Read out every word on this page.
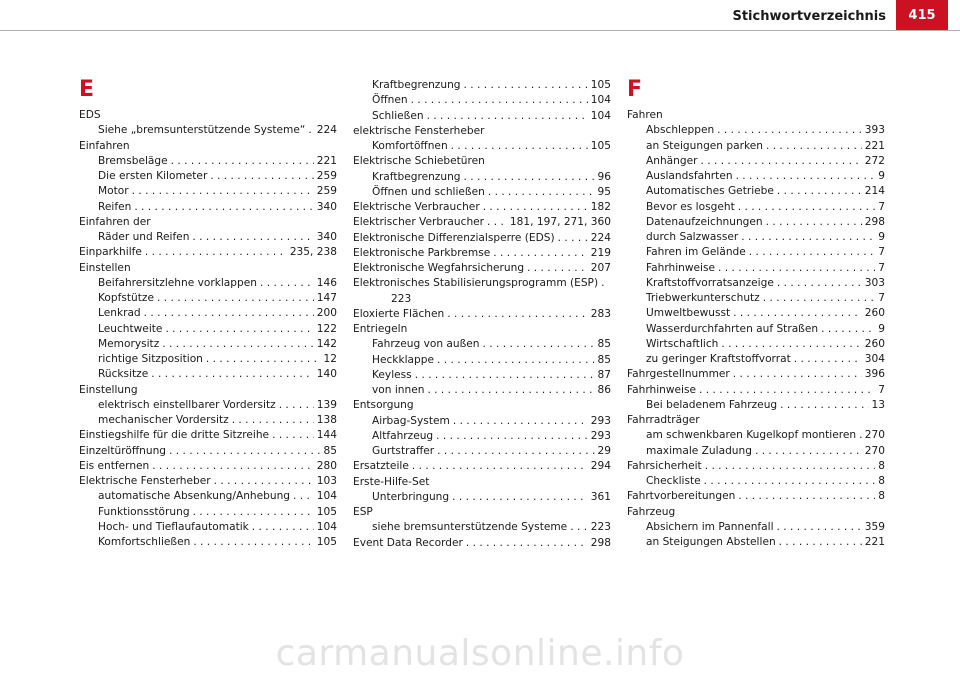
Stichwortverzeichnis	415
E
EDS
Siehe „bremsunterstützende Systeme“ . . . 224
Einfahren
Bremsbeläge . . .	221
Die ersten Kilometer . . .	259
Motor . . .	259
Reifen . . .	340
Einfahren der
Räder und Reifen . . .	340
Einparkhilfe . . .	235, 238
Einstellen
Beifahrersitzlehne vorklappen . . .	146
Kopfstütze . . .	147
Lenkrad . . .	200
Leuchtweite . . .	122
Memorysitz . . .	142
richtige Sitzposition . . .	12
Rücksitze . . .	140
Einstellung
elektrisch einstellbarer Vordersitz . . .	139
mechanischer Vordersitz . . .	138
Einstiegshilfe für die dritte Sitzreihe . . .	144
Einzeltüröffnung . . .	85
Eis entfernen . . .	280
Elektrische Fensterheber . . .	103
automatische Absenkung/Anhebung . . .	104
Funktionsstörung . . .	105
Hoch- und Tieflaufautomatik . . .	104
Komfortschließen . . .	105
Kraftbegrenzung . . .	105
Öffnen . . .	104
Schließen . . .	104
elektrische Fensterheber
Komfortöffnen . . .	105
Elektrische Schiebetüren
Kraftbegrenzung . . .	96
Öffnen und schließen . . .	95
Elektrische Verbraucher . . .	182
Elektrischer Verbraucher . . . 181, 197, 271, 360
Elektronische Differenzialsperre (EDS) . . .	224
Elektronische Parkbremse . . .	219
Elektronische Wegfahrsicherung . . .	207
Elektronisches Stabilisierungsprogramm (ESP)
. . .
223
Eloxierte Flächen . . .	283
Entriegeln
Fahrzeug von außen . . .	85
Heckklappe . . .	85
Keyless . . .	87
von innen . . .	86
Entsorgung
Airbag-System . . .	293
Altfahrzeug . . .	293
Gurtstraffer . . .	29
Ersatzteile . . .	294
Erste-Hilfe-Set
Unterbringung . . .	361
ESP
siehe bremsunterstützende Systeme . . . 223
Event Data Recorder . . .	298
F
Fahren
Abschleppen . . .	393
an Steigungen parken . . .	221
Anhänger . . .	272
Auslandsfahrten . . .	9
Automatisches Getriebe . . .	214
Bevor es losgeht . . .	7
Datenaufzeichnungen . . .	298
durch Salzwasser . . .	9
Fahren im Gelände . . .	7
Fahrhinweise . . .	7
Kraftstoffvorratsanzeige . . .	303
Triebwerkunterschutz . . .	7
Umweltbewusst . . .	260
Wasserdurchfahrten auf Straßen . . .	9
Wirtschaftlich . . .	260
zu geringer Kraftstoffvorrat . . .	304
Fahrgestellnummer . . .	396
Fahrhinweise . . .	7
Bei beladenem Fahrzeug . . .	13
Fahrradträger
am schwenkbaren Kugelkopf montieren . . . 270
maximale Zuladung . . .	270
Fahrsicherheit . . .	8
Checkliste . . .	8
Fahrtvorbereitungen . . .	8
Fahrzeug
Absichern im Pannenfall . . .	359
an Steigungen Abstellen . . .	221
carmanualsonline.info
